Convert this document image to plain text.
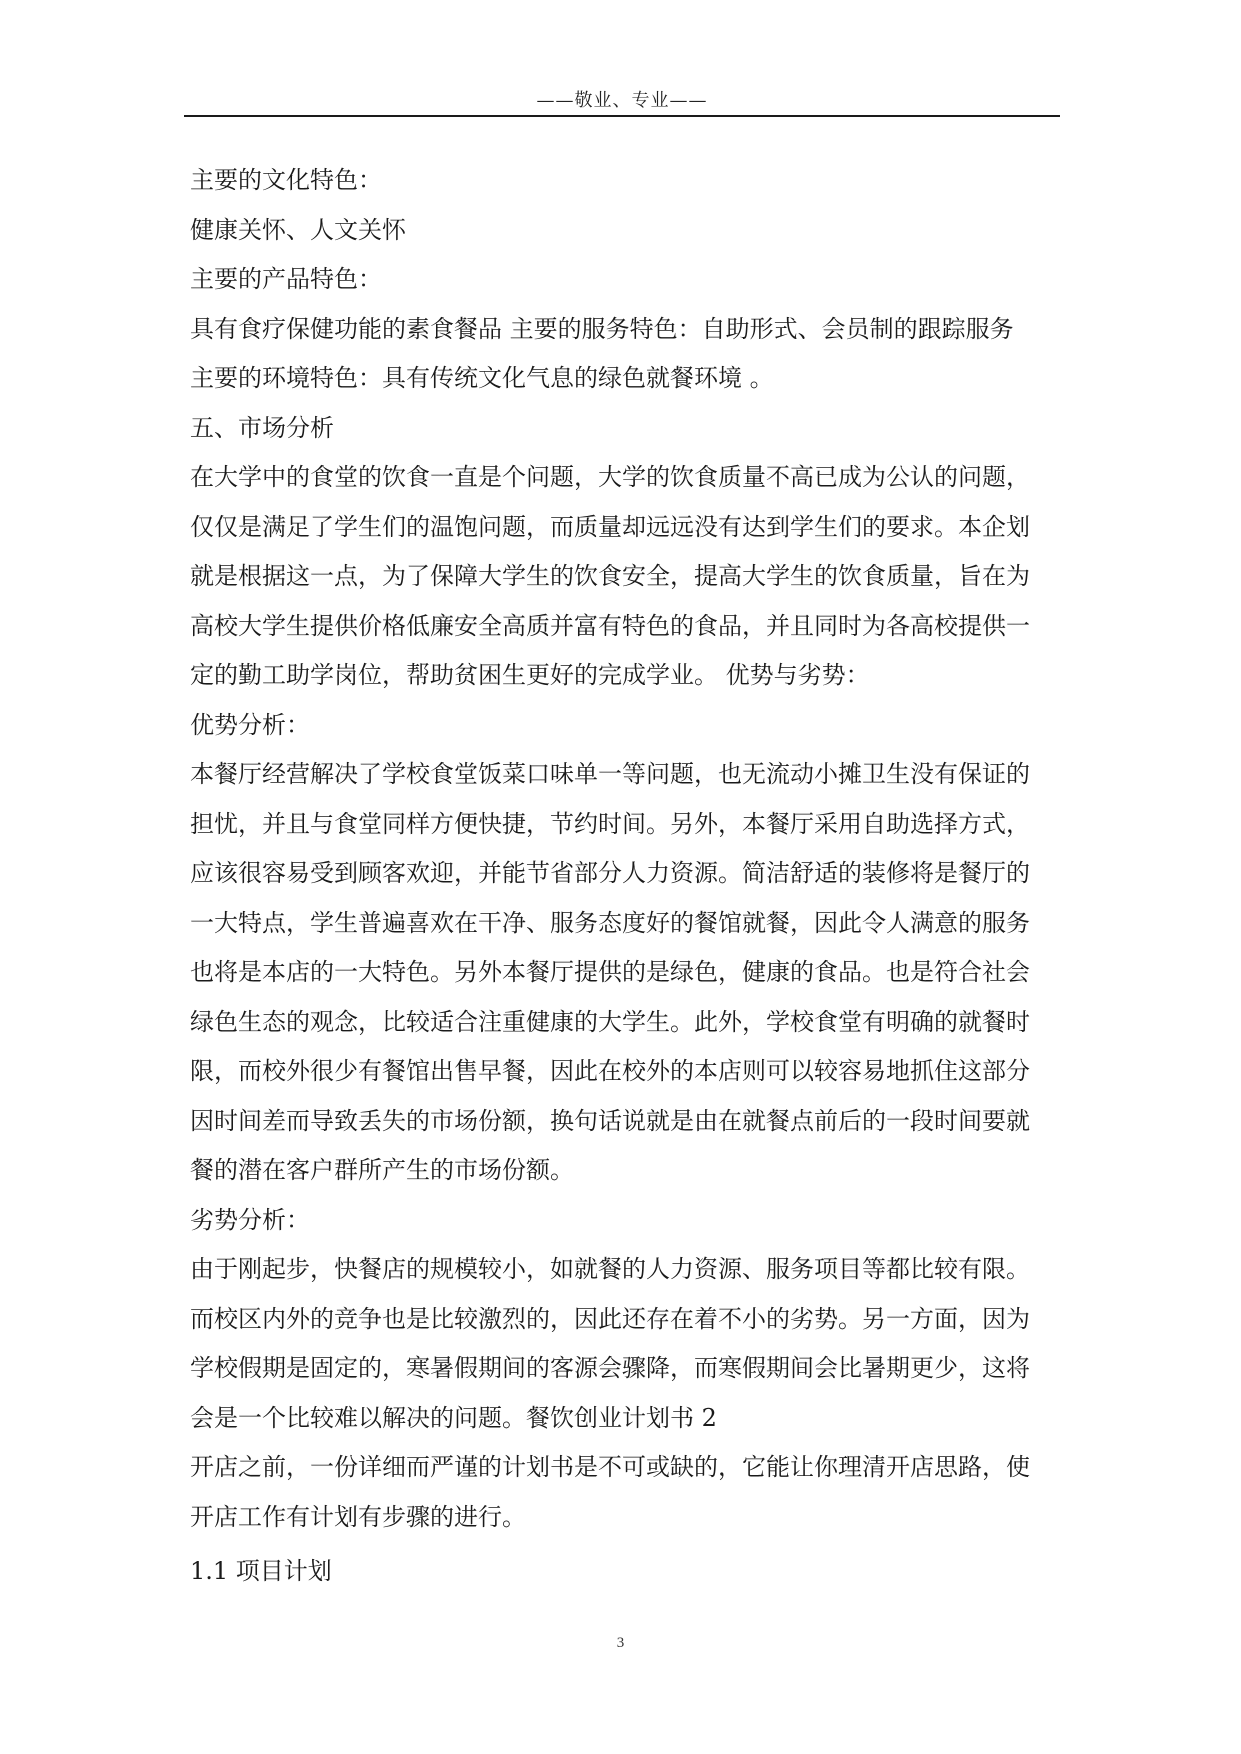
——敬业、专业——
主要的文化特色：
健康关怀、人文关怀
主要的产品特色：
具有食疗保健功能的素食餐品 主要的服务特色：自助形式、会员制的跟踪服务
主要的环境特色：具有传统文化气息的绿色就餐环境 。
五、市场分析
在大学中的食堂的饮食一直是个问题，大学的饮食质量不高已成为公认的问题，
仅仅是满足了学生们的温饱问题，而质量却远远没有达到学生们的要求。本企划
就是根据这一点，为了保障大学生的饮食安全，提高大学生的饮食质量，旨在为
高校大学生提供价格低廉安全高质并富有特色的食品，并且同时为各高校提供一
定的勤工助学岗位，帮助贫困生更好的完成学业。 优势与劣势：
优势分析：
本餐厅经营解决了学校食堂饭菜口味单一等问题，也无流动小摊卫生没有保证的
担忧，并且与食堂同样方便快捷，节约时间。另外，本餐厅采用自助选择方式，
应该很容易受到顾客欢迎，并能节省部分人力资源。简洁舒适的装修将是餐厅的
一大特点，学生普遍喜欢在干净、服务态度好的餐馆就餐，因此令人满意的服务
也将是本店的一大特色。另外本餐厅提供的是绿色，健康的食品。也是符合社会
绿色生态的观念，比较适合注重健康的大学生。此外，学校食堂有明确的就餐时
限，而校外很少有餐馆出售早餐，因此在校外的本店则可以较容易地抓住这部分
因时间差而导致丢失的市场份额，换句话说就是由在就餐点前后的一段时间要就
餐的潜在客户群所产生的市场份额。
劣势分析：
由于刚起步，快餐店的规模较小，如就餐的人力资源、服务项目等都比较有限。
而校区内外的竞争也是比较激烈的，因此还存在着不小的劣势。另一方面，因为
学校假期是固定的，寒暑假期间的客源会骤降，而寒假期间会比暑期更少，这将
会是一个比较难以解决的问题。餐饮创业计划书 2
开店之前，一份详细而严谨的计划书是不可或缺的，它能让你理清开店思路，使
开店工作有计划有步骤的进行。
1.1 项目计划
3
